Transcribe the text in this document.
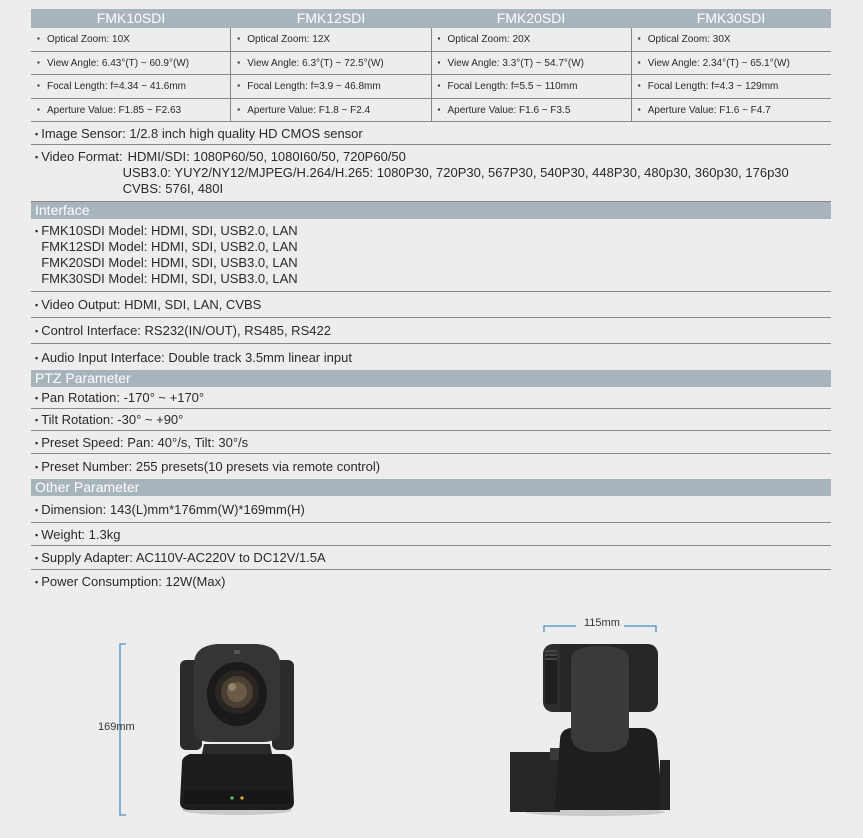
FMK10SDI	FMK12SDI	FMK20SDI	FMK30SDI
▪ Optical Zoom: 10X	▪ Optical Zoom: 12X	▪ Optical Zoom: 20X	▪ Optical Zoom: 30X
▪ View Angle: 6.43°(T) ~ 60.9°(W)	▪ View Angle: 6.3°(T) ~ 72.5°(W)	▪ View Angle: 3.3°(T) ~ 54.7°(W)	▪ View Angle: 2.34°(T) ~ 65.1°(W)
▪ Focal Length: f=4.34 ~ 41.6mm	▪ Focal Length: f=3.9 ~ 46.8mm	▪ Focal Length: f=5.5 ~ 110mm	▪ Focal Length: f=4.3 ~ 129mm
▪ Aperture Value: F1.85 ~ F2.63	▪ Aperture Value: F1.8 ~ F2.4	▪ Aperture Value: F1.6 ~ F3.5	▪ Aperture Value: F1.6 ~ F4.7
▪ Image Sensor: 1/2.8 inch high quality HD CMOS sensor
▪ Video Format: HDMI/SDI: 1080P60/50, 1080I60/50, 720P60/50
USB3.0: YUY2/NY12/MJPEG/H.264/H.265: 1080P30, 720P30, 567P30, 540P30, 448P30, 480p30, 360p30, 176p30
CVBS: 576I, 480I
Interface
▪ FMK10SDI Model: HDMI, SDI, USB2.0, LAN
FMK12SDI Model: HDMI, SDI, USB2.0, LAN
FMK20SDI Model: HDMI, SDI, USB3.0, LAN
FMK30SDI Model: HDMI, SDI, USB3.0, LAN
▪ Video Output: HDMI, SDI, LAN, CVBS
▪ Control Interface: RS232(IN/OUT), RS485, RS422
▪ Audio Input Interface: Double track 3.5mm linear input
PTZ Parameter
▪ Pan Rotation: -170° ~ +170°
▪ Tilt Rotation: -30° ~ +90°
▪ Preset Speed: Pan: 40°/s, Tilt: 30°/s
▪ Preset Number: 255 presets(10 presets via remote control)
Other Parameter
▪ Dimension: 143(L)mm*176mm(W)*169mm(H)
▪ Weight: 1.3kg
▪ Supply Adapter: AC110V-AC220V to DC12V/1.5A
▪ Power Consumption: 12W(Max)
169mm
115mm
